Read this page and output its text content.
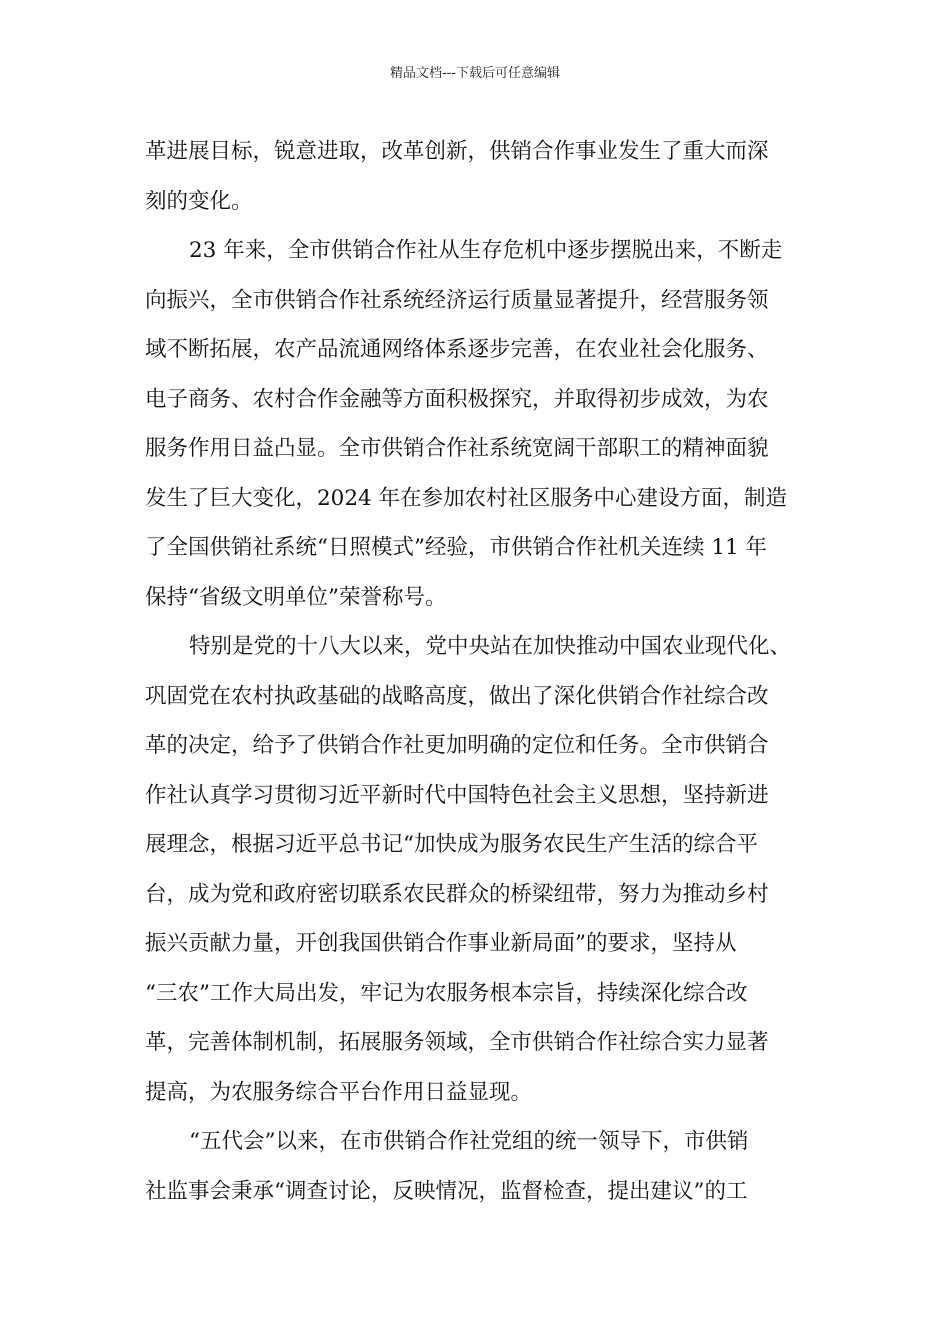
精品文档---下载后可任意编辑
革进展目标，锐意进取，改革创新，供销合作事业发生了重大而深
刻的变化。
23 年来，全市供销合作社从生存危机中逐步摆脱出来，不断走
向振兴，全市供销合作社系统经济运行质量显著提升，经营服务领
域不断拓展，农产品流通网络体系逐步完善，在农业社会化服务、
电子商务、农村合作金融等方面积极探究，并取得初步成效，为农
服务作用日益凸显。全市供销合作社系统宽阔干部职工的精神面貌
发生了巨大变化，2024 年在参加农村社区服务中心建设方面，制造
了全国供销社系统“日照模式”经验，市供销合作社机关连续 11 年
保持“省级文明单位”荣誉称号。
特别是党的十八大以来，党中央站在加快推动中国农业现代化、
巩固党在农村执政基础的战略高度，做出了深化供销合作社综合改
革的决定，给予了供销合作社更加明确的定位和任务。全市供销合
作社认真学习贯彻习近平新时代中国特色社会主义思想，坚持新进
展理念，根据习近平总书记“加快成为服务农民生产生活的综合平
台，成为党和政府密切联系农民群众的桥梁纽带，努力为推动乡村
振兴贡献力量，开创我国供销合作事业新局面”的要求，坚持从
“三农”工作大局出发，牢记为农服务根本宗旨，持续深化综合改
革，完善体制机制，拓展服务领域，全市供销合作社综合实力显著
提高，为农服务综合平台作用日益显现。
“五代会”以来，在市供销合作社党组的统一领导下，市供销
社监事会秉承“调查讨论，反映情况，监督检查，提出建议”的工
